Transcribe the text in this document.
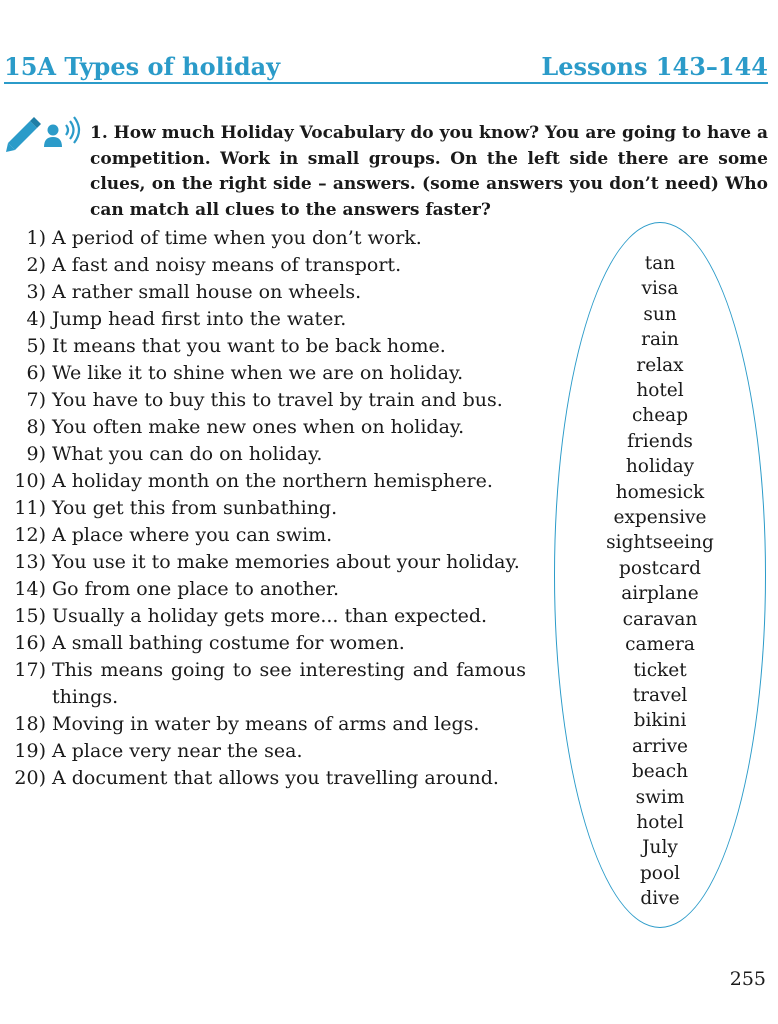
15A Types of holiday	Lessons 143–144
1. How much Holiday Vocabulary do you know? You are going to have a competition. Work in small groups. On the left side there are some clues, on the right side – answers. (some answers you don’t need) Who can match all clues to the answers faster?
1) A period of time when you don’t work.
2) A fast and noisy means of transport.
3) A rather small house on wheels.
4) Jump head first into the water.
5) It means that you want to be back home.
6) We like it to shine when we are on holiday.
7) You have to buy this to travel by train and bus.
8) You often make new ones when on holiday.
9) What you can do on holiday.
10) A holiday month on the northern hemisphere.
11) You get this from sunbathing.
12) A place where you can swim.
13) You use it to make memories about your holiday.
14) Go from one place to another.
15) Usually a holiday gets more... than expected.
16) A small bathing costume for women.
17) This means going to see interesting and famous things.
18) Moving in water by means of arms and legs.
19) A place very near the sea.
20) A document that allows you travelling around.
tan
visa
sun
rain
relax
hotel
cheap
friends
holiday
homesick
expensive
sightseeing
postcard
airplane
caravan
camera
ticket
travel
bikini
arrive
beach
swim
hotel
July
pool
dive
255
